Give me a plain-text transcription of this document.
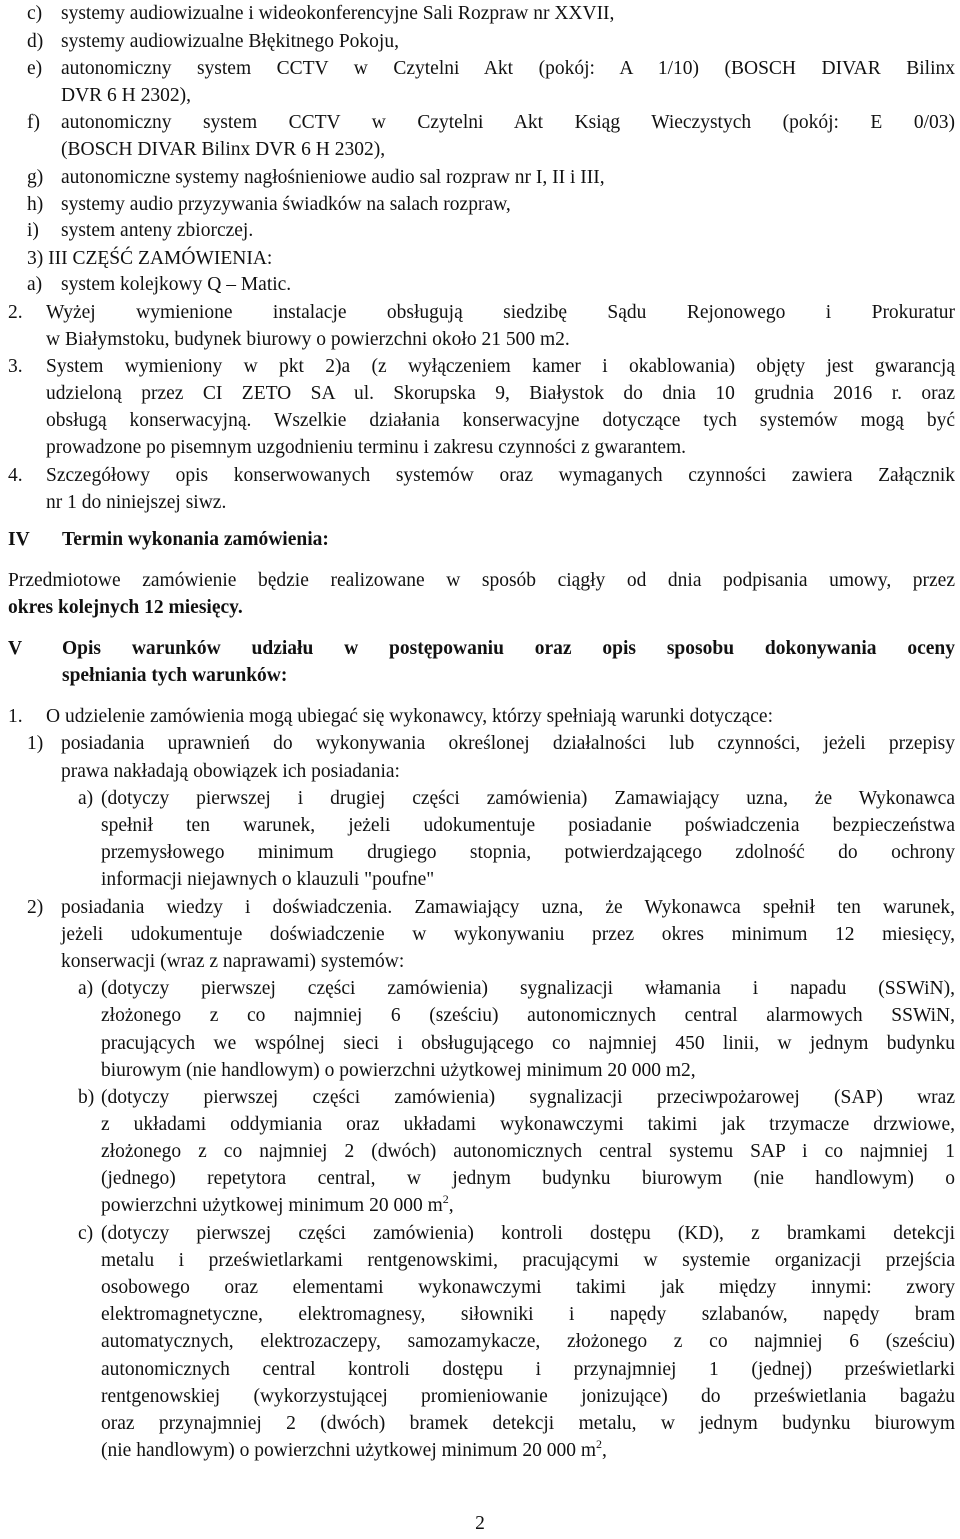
c) systemy audiowizualne i wideokonferencyjne Sali Rozpraw nr XXVII,
d) systemy audiowizualne Błękitnego Pokoju,
e) autonomiczny system CCTV w Czytelni Akt (pokój: A 1/10) (BOSCH DIVAR Bilinx
DVR 6 H 2302),
f) autonomiczny system CCTV w Czytelni Akt Ksiąg Wieczystych (pokój: E 0/03)
(BOSCH DIVAR Bilinx DVR 6 H 2302),
g) autonomiczne systemy nagłośnieniowe audio sal rozpraw nr I, II i III,
h) systemy audio przyzywania świadków na salach rozpraw,
i) system anteny zbiorczej.
3) III CZĘŚĆ ZAMÓWIENIA:
a) system kolejkowy Q – Matic.
2. Wyżej wymienione instalacje obsługują siedzibę Sądu Rejonowego i Prokuratur
w Białymstoku, budynek biurowy o powierzchni około 21 500 m2.
3. System wymieniony w pkt 2)a (z wyłączeniem kamer i okablowania) objęty jest gwarancją
udzieloną przez CI ZETO SA ul. Skorupska 9, Białystok do dnia 10 grudnia 2016 r. oraz
obsługą konserwacyjną. Wszelkie działania konserwacyjne dotyczące tych systemów mogą być
prowadzone po pisemnym uzgodnieniu terminu i zakresu czynności z gwarantem.
4. Szczegółowy opis konserwowanych systemów oraz wymaganych czynności zawiera Załącznik
nr 1 do niniejszej siwz.
IV Termin wykonania zamówienia:
Przedmiotowe zamówienie będzie realizowane w sposób ciągły od dnia podpisania umowy, przez
okres kolejnych 12 miesięcy.
V Opis warunków udziału w postępowaniu oraz opis sposobu dokonywania oceny
spełniania tych warunków:
1. O udzielenie zamówienia mogą ubiegać się wykonawcy, którzy spełniają warunki dotyczące:
1) posiadania uprawnień do wykonywania określonej działalności lub czynności, jeżeli przepisy
prawa nakładają obowiązek ich posiadania:
a) (dotyczy pierwszej i drugiej części zamówienia) Zamawiający uzna, że Wykonawca
spełnił ten warunek, jeżeli udokumentuje posiadanie poświadczenia bezpieczeństwa
przemysłowego minimum drugiego stopnia, potwierdzającego zdolność do ochrony
informacji niejawnych o klauzuli "poufne"
2) posiadania wiedzy i doświadczenia. Zamawiający uzna, że Wykonawca spełnił ten warunek,
jeżeli udokumentuje doświadczenie w wykonywaniu przez okres minimum 12 miesięcy,
konserwacji (wraz z naprawami) systemów:
a) (dotyczy pierwszej części zamówienia) sygnalizacji włamania i napadu (SSWiN),
złożonego z co najmniej 6 (sześciu) autonomicznych central alarmowych SSWiN,
pracujących we wspólnej sieci i obsługującego co najmniej 450 linii, w jednym budynku
biurowym (nie handlowym) o powierzchni użytkowej minimum 20 000 m2,
b) (dotyczy pierwszej części zamówienia) sygnalizacji przeciwpożarowej (SAP) wraz
z układami oddymiania oraz układami wykonawczymi takimi jak trzymacze drzwiowe,
złożonego z co najmniej 2 (dwóch) autonomicznych central systemu SAP i co najmniej 1
(jednego) repetytora central, w jednym budynku biurowym (nie handlowym) o
powierzchni użytkowej minimum 20 000 $m^2$,
c) (dotyczy pierwszej części zamówienia) kontroli dostępu (KD), z bramkami detekcji
metalu i prześwietlarkami rentgenowskimi, pracującymi w systemie organizacji przejścia
osobowego oraz elementami wykonawczymi takimi jak między innymi: zwory
elektromagnetyczne, elektromagnesy, siłowniki i napędy szlabanów, napędy bram
automatycznych, elektrozaczepy, samozamykacze, złożonego z co najmniej 6 (sześciu)
autonomicznych central kontroli dostępu i przynajmniej 1 (jednej) prześwietlarki
rentgenowskiej (wykorzystującej promieniowanie jonizujące) do prześwietlania bagażu
oraz przynajmniej 2 (dwóch) bramek detekcji metalu, w jednym budynku biurowym
(nie handlowym) o powierzchni użytkowej minimum 20 000 $m^2$,
2
